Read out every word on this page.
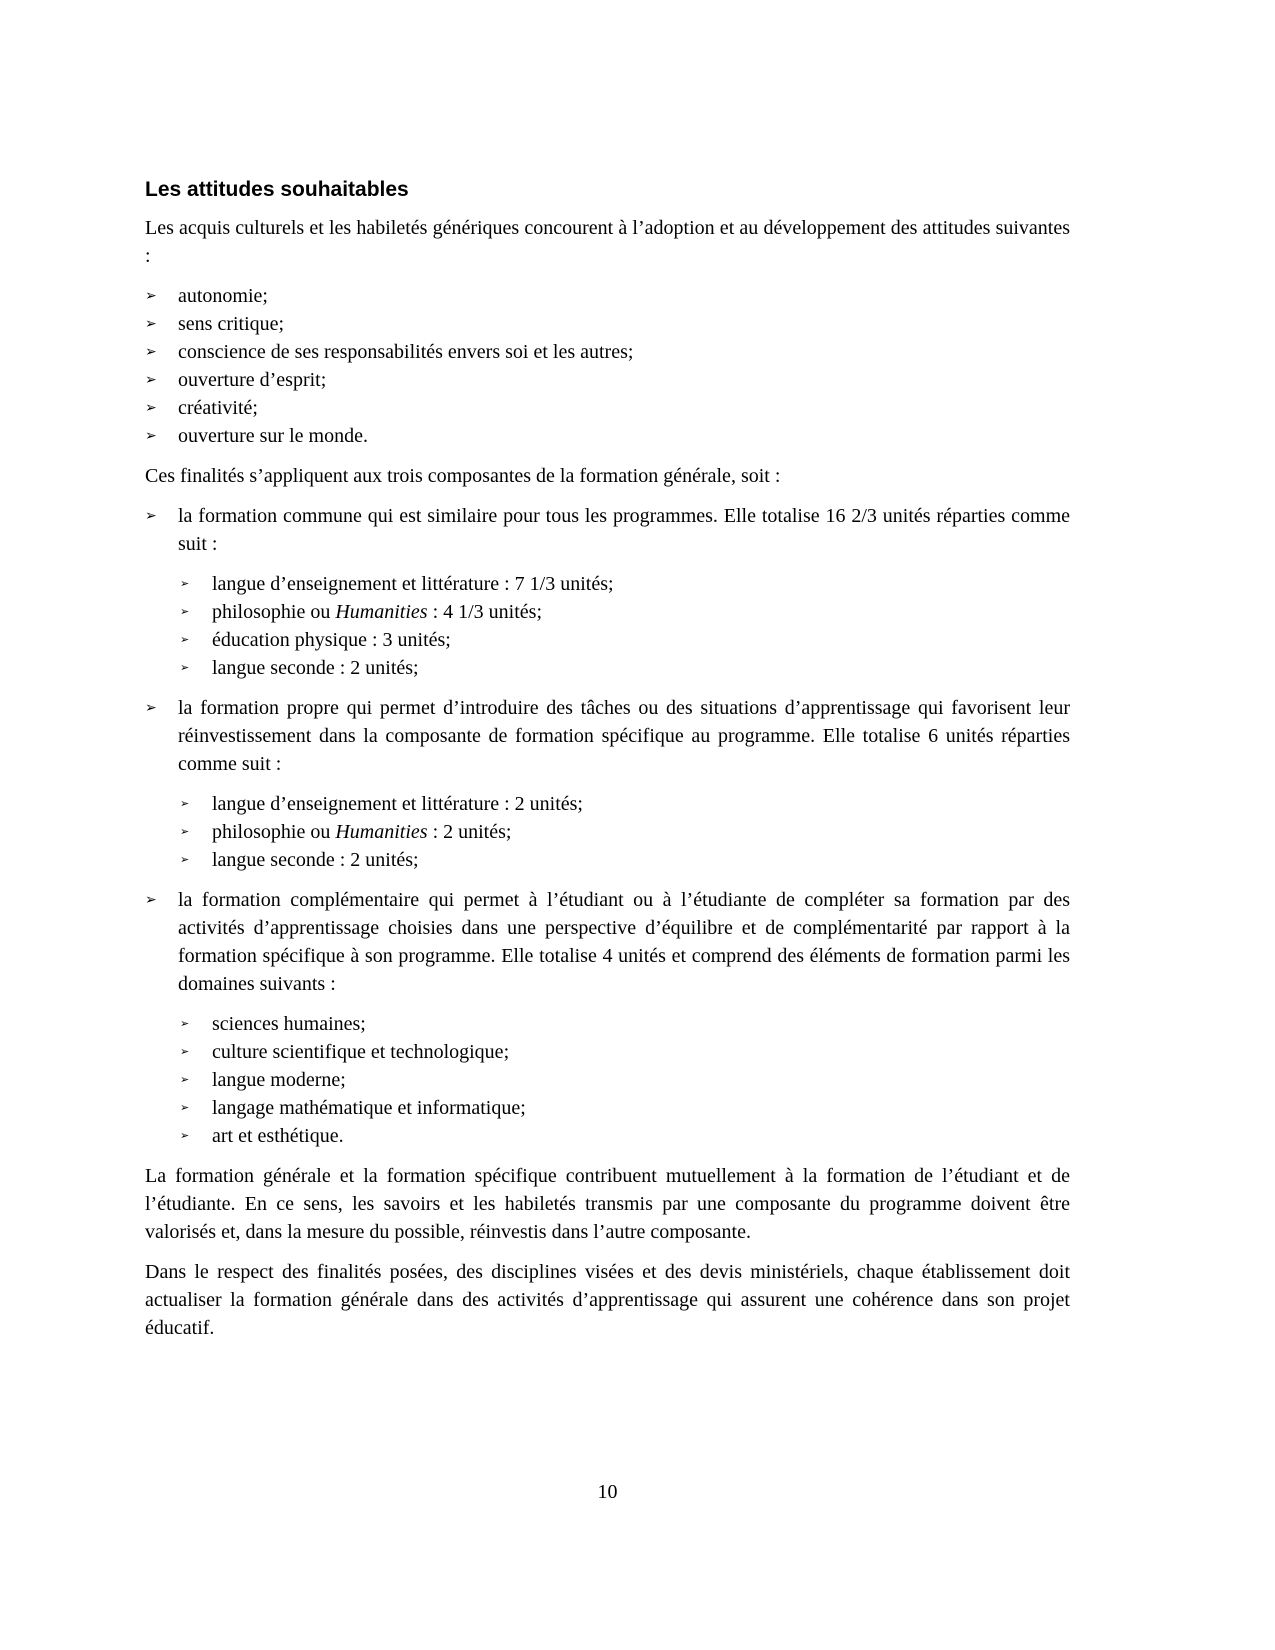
Les attitudes souhaitables

Les acquis culturels et les habiletés génériques concourent à l’adoption et au développement des attitudes suivantes :

➢	autonomie;
➢	sens critique;
➢	conscience de ses responsabilités envers soi et les autres;
➢	ouverture d’esprit;
➢	créativité;
➢	ouverture sur le monde.

Ces finalités s’appliquent aux trois composantes de la formation générale, soit :

➢	la formation commune qui est similaire pour tous les programmes. Elle totalise 16 2/3 unités réparties comme suit :
➢	langue d’enseignement et littérature : 7 1/3 unités;
➢	philosophie ou Humanities : 4 1/3 unités;
➢	éducation physique : 3 unités;
➢	langue seconde : 2 unités;
➢	la formation propre qui permet d’introduire des tâches ou des situations d’apprentissage qui favorisent leur réinvestissement dans la composante de formation spécifique au programme. Elle totalise 6 unités réparties comme suit :
➢	langue d’enseignement et littérature : 2 unités;
➢	philosophie ou Humanities : 2 unités;
➢	langue seconde : 2 unités;
➢	la formation complémentaire qui permet à l’étudiant ou à l’étudiante de compléter sa formation par des activités d’apprentissage choisies dans une perspective d’équilibre et de complémentarité par rapport à la formation spécifique à son programme. Elle totalise 4 unités et comprend des éléments de formation parmi les domaines suivants :
➢	sciences humaines;
➢	culture scientifique et technologique;
➢	langue moderne;
➢	langage mathématique et informatique;
➢	art et esthétique.

La formation générale et la formation spécifique contribuent mutuellement à la formation de l’étudiant et de l’étudiante. En ce sens, les savoirs et les habiletés transmis par une composante du programme doivent être valorisés et, dans la mesure du possible, réinvestis dans l’autre composante.

Dans le respect des finalités posées, des disciplines visées et des devis ministériels, chaque établissement doit actualiser la formation générale dans des activités d’apprentissage qui assurent une cohérence dans son projet éducatif.

10
